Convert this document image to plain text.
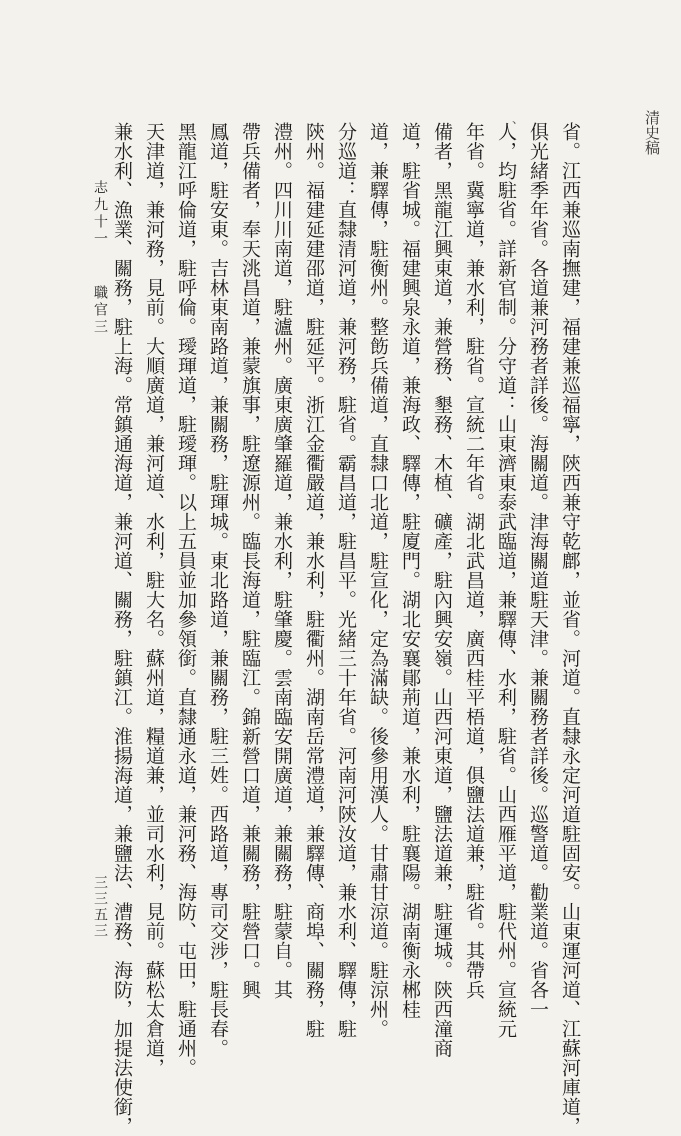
、	清史稿
省。江西兼巡南撫建，福建兼巡福寧，陝西兼守乾鄜，並省。河道。直隸永定河道駐固安。山東運河道、江蘇河庫道，
俱光緒季年省。各道兼河務者詳後。海關道。津海關道駐天津。兼關務者詳後。巡警道。勸業道。省各一
人，均駐省。詳新官制。分守道：山東濟東泰武臨道，兼驛傳、水利，駐省。山西雁平道，駐代州。宣統元
年省。冀寧道，兼水利，駐省。宣統二年省。湖北武昌道，廣西桂平梧道，俱鹽法道兼，駐省。其帶兵
備者，黑龍江興東道，兼營務、墾務、木植、礦產，駐內興安嶺。山西河東道，鹽法道兼，駐運城。陝西潼商
道，駐省城。福建興泉永道，兼海政、驛傳，駐廈門。湖北安襄鄖荊道，兼水利，駐襄陽。湖南衡永郴桂
道，兼驛傳，駐衡州。整飭兵備道，直隸口北道，駐宣化，定為滿缺。後參用漢人。甘肅甘涼道。駐涼州。
分巡道：直隸清河道，兼河務，駐省。霸昌道，駐昌平。光緒三十年省。河南河陝汝道，兼水利、驛傳，駐
陝州。福建延建邵道，駐延平。浙江金衢嚴道，兼水利，駐衢州。湖南岳常澧道，兼驛傳、商埠、關務，駐
澧州。四川川南道，駐瀘州。廣東廣肇羅道，兼水利，駐肇慶。雲南臨安開廣道，兼關務，駐蒙自。其
帶兵備者，奉天洮昌道，兼蒙旗事，駐遼源州。臨長海道，駐臨江。錦新營口道，兼關務，駐營口。興
鳳道，駐安東。吉林東南路道，兼關務，駐琿城。東北路道，兼關務，駐三姓。西路道，專司交涉，駐長春。
黑龍江呼倫道，駐呼倫。璦琿道，駐璦琿。以上五員並加參領銜。直隸通永道，兼河務、海防、屯田，駐通州。
天津道，兼河務，見前。大順廣道，兼河道、水利，駐大名。蘇州道，糧道兼，並司水利，見前。蘇松太倉道，
兼水利、漁業、關務，駐上海。常鎮通海道，兼河道、關務，駐鎮江。淮揚海道，兼鹽法、漕務、海防，加提法使銜，
志九十一
職官三
三三五三
